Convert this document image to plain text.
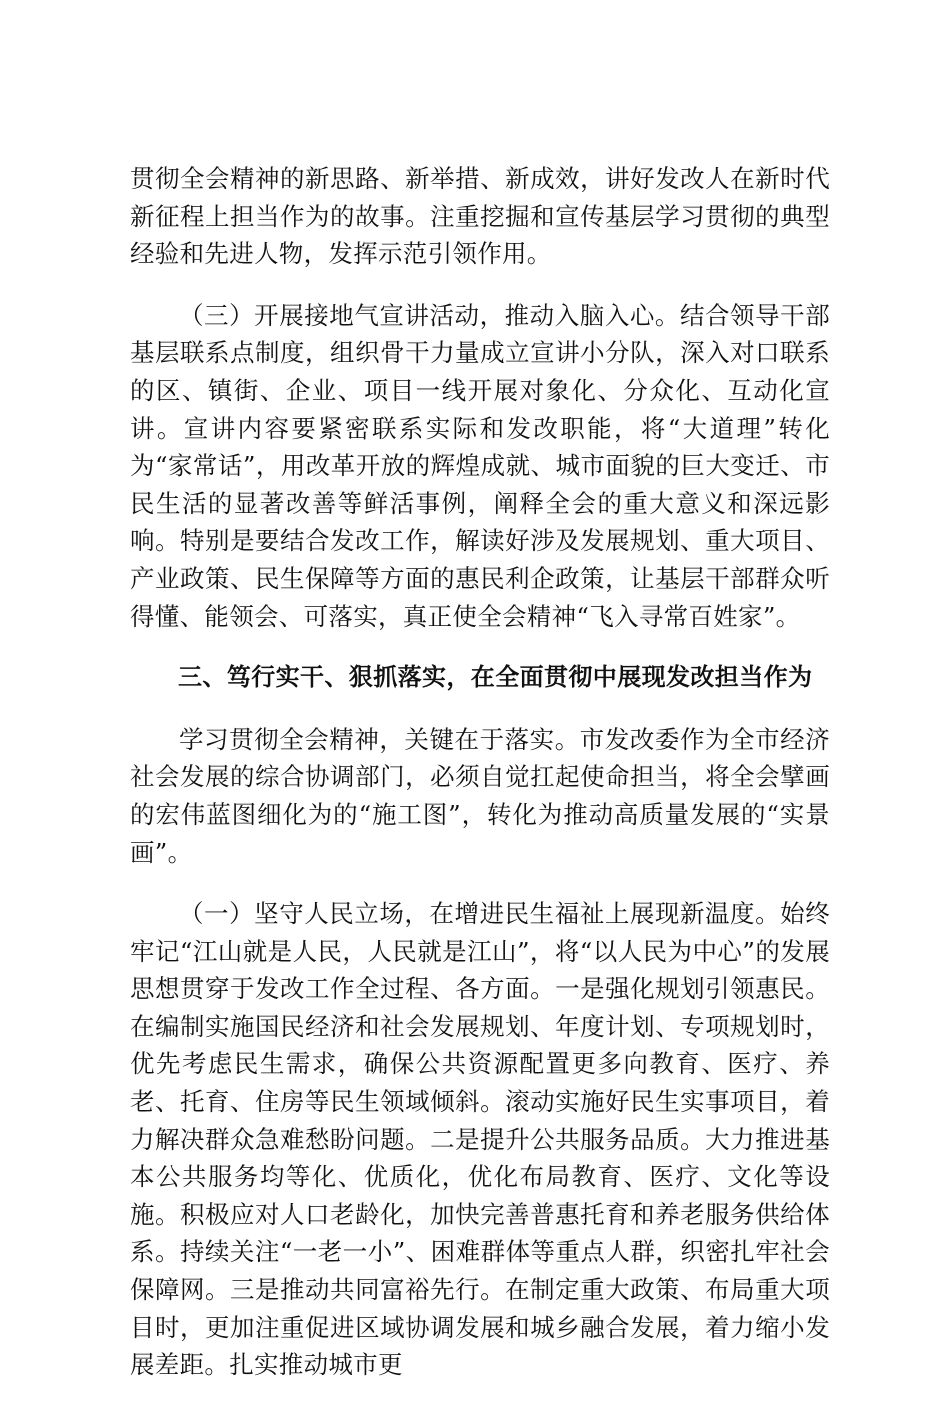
贯彻全会精神的新思路、新举措、新成效，讲好发改人在新时代新征程上担当作为的故事。注重挖掘和宣传基层学习贯彻的典型经验和先进人物，发挥示范引领作用。

（三）开展接地气宣讲活动，推动入脑入心。结合领导干部基层联系点制度，组织骨干力量成立宣讲小分队，深入对口联系的区、镇街、企业、项目一线开展对象化、分众化、互动化宣讲。宣讲内容要紧密联系实际和发改职能，将“大道理”转化为“家常话”，用改革开放的辉煌成就、城市面貌的巨大变迁、市民生活的显著改善等鲜活事例，阐释全会的重大意义和深远影响。特别是要结合发改工作，解读好涉及发展规划、重大项目、产业政策、民生保障等方面的惠民利企政策，让基层干部群众听得懂、能领会、可落实，真正使全会精神“飞入寻常百姓家”。

三、笃行实干、狠抓落实，在全面贯彻中展现发改担当作为

学习贯彻全会精神，关键在于落实。市发改委作为全市经济社会发展的综合协调部门，必须自觉扛起使命担当，将全会擘画的宏伟蓝图细化为的“施工图”，转化为推动高质量发展的“实景画”。

（一）坚守人民立场，在增进民生福祉上展现新温度。始终牢记“江山就是人民，人民就是江山”，将“以人民为中心”的发展思想贯穿于发改工作全过程、各方面。一是强化规划引领惠民。在编制实施国民经济和社会发展规划、年度计划、专项规划时，优先考虑民生需求，确保公共资源配置更多向教育、医疗、养老、托育、住房等民生领域倾斜。滚动实施好民生实事项目，着力解决群众急难愁盼问题。二是提升公共服务品质。大力推进基本公共服务均等化、优质化，优化布局教育、医疗、文化等设施。积极应对人口老龄化，加快完善普惠托育和养老服务供给体系。持续关注“一老一小”、困难群体等重点人群，织密扎牢社会保障网。三是推动共同富裕先行。在制定重大政策、布局重大项目时，更加注重促进区域协调发展和城乡融合发展，着力缩小发展差距。扎实推动城市更
